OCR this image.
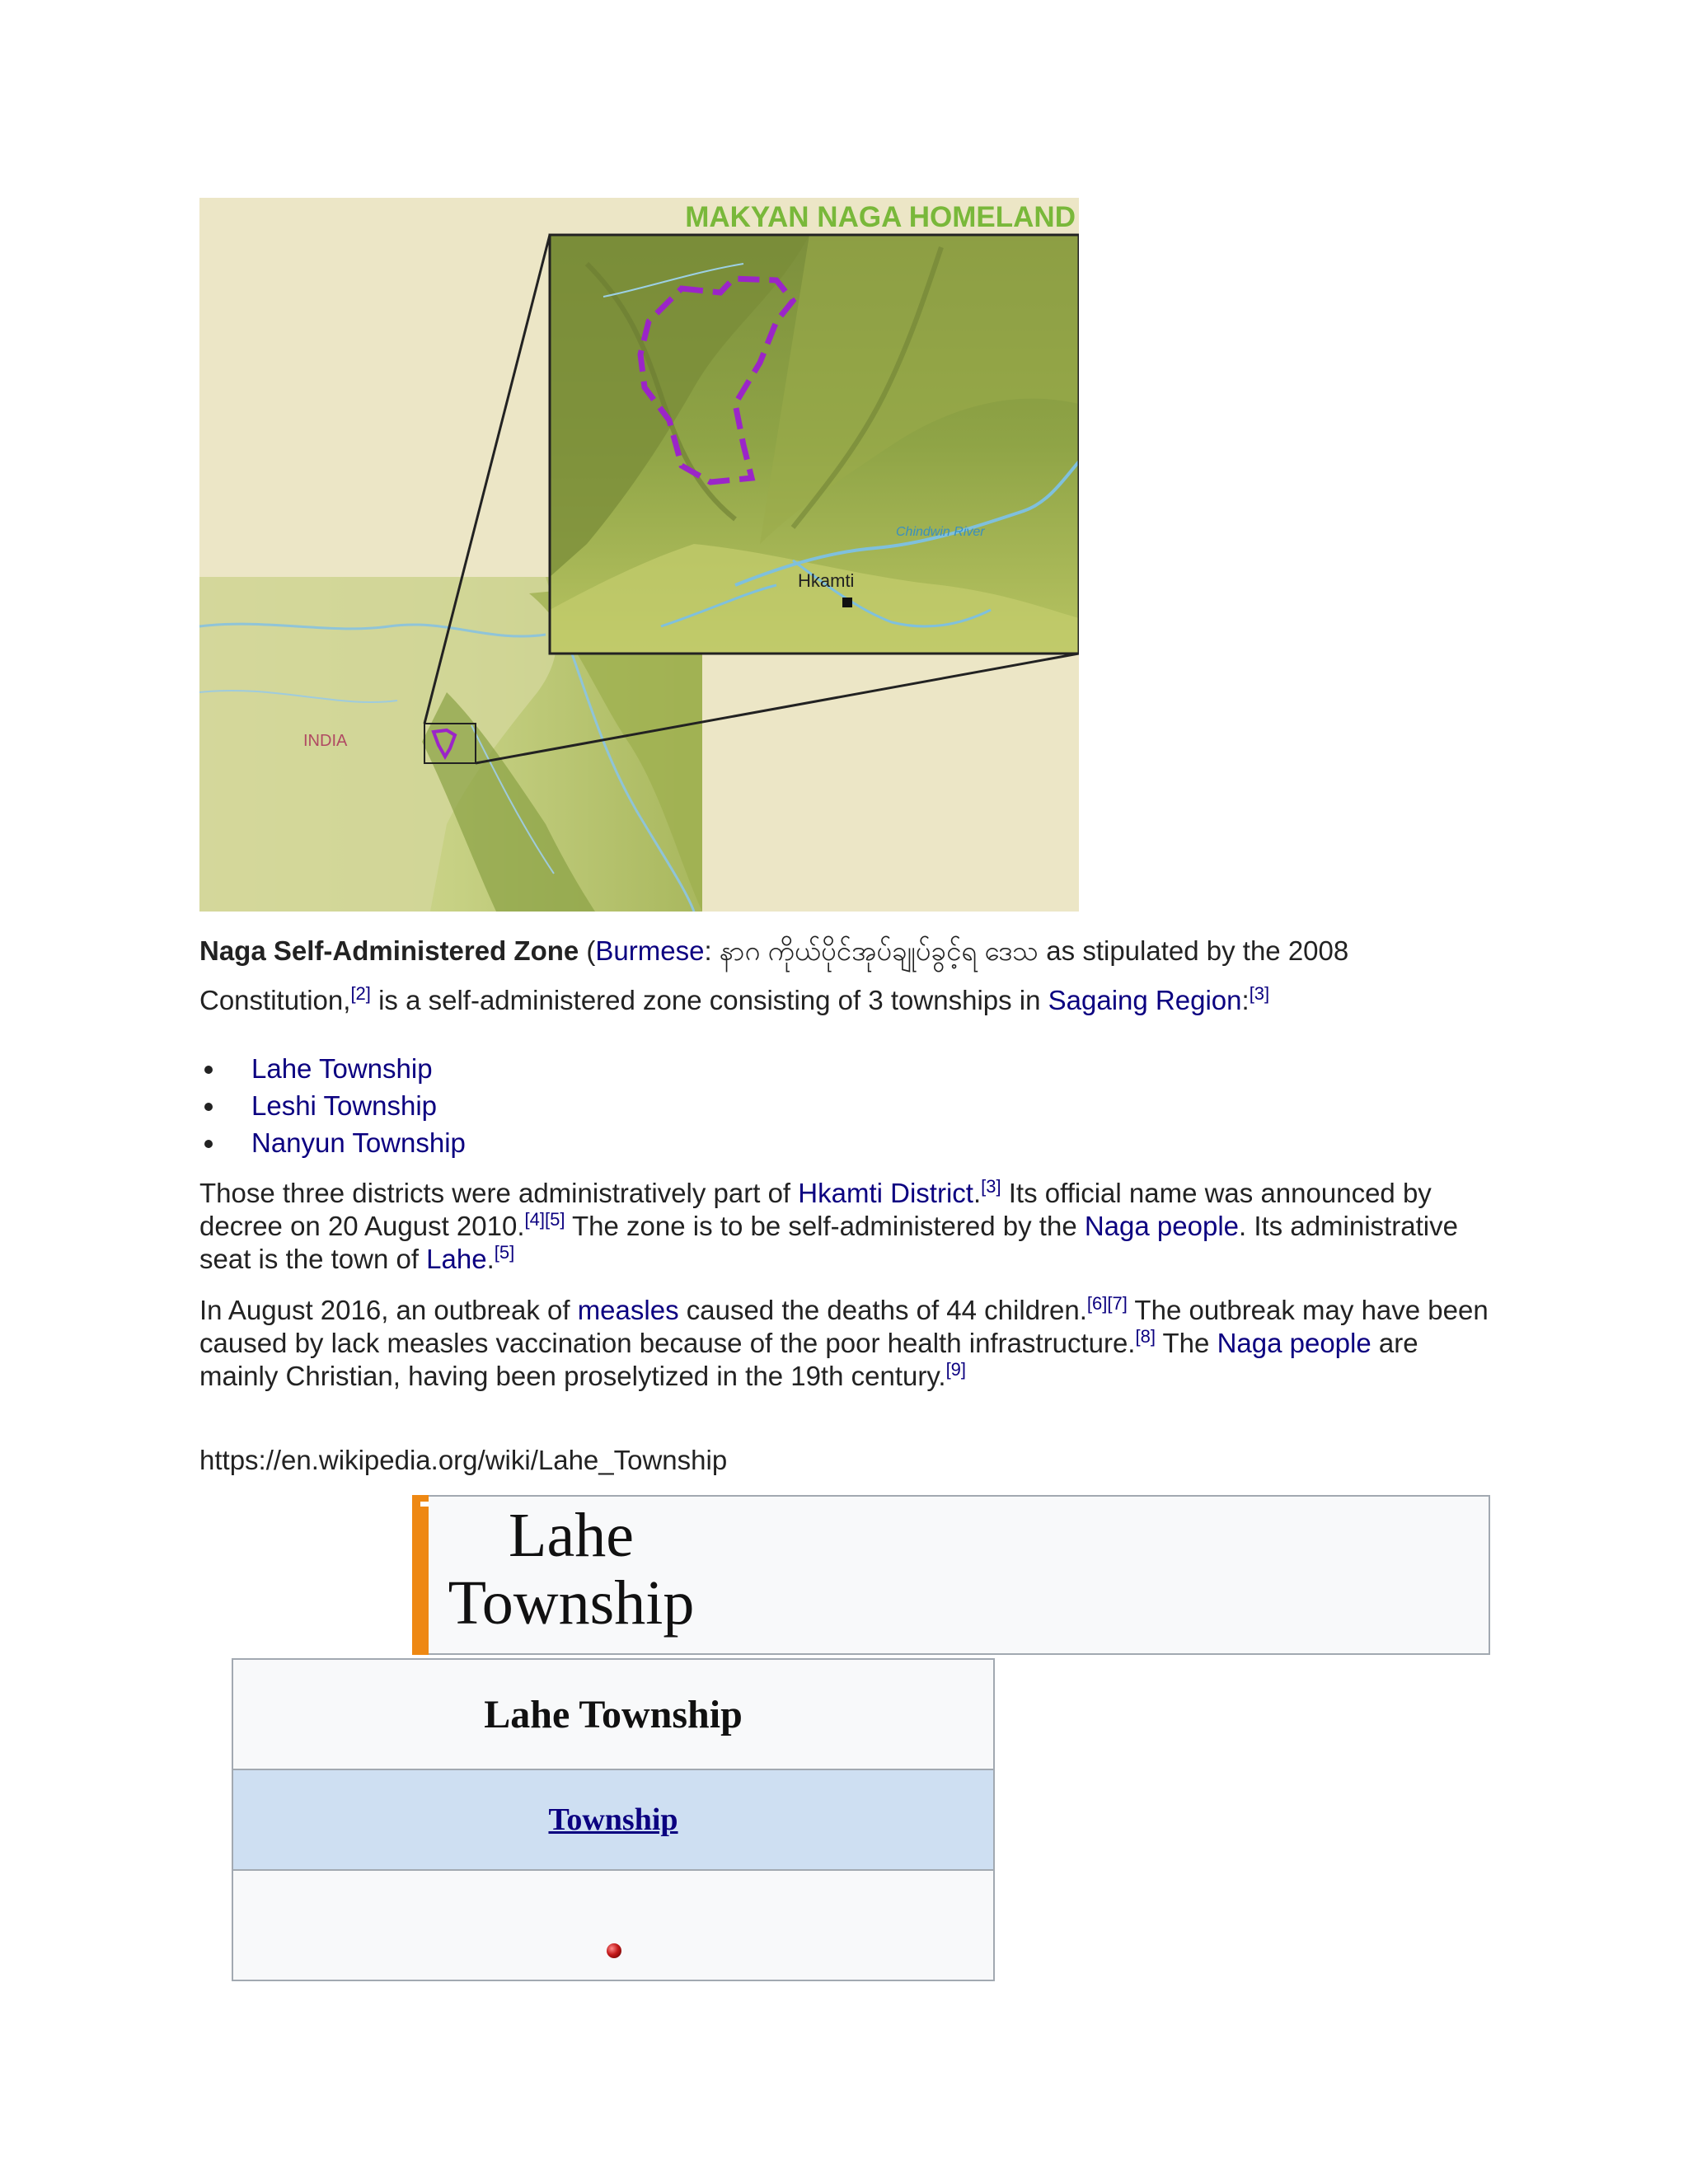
Hkamti
Chindwin River
INDIA
MAKYAN NAGA HOMELAND
Naga Self-Administered Zone (Burmese: နာဂ ကိုယ်ပိုင်အုပ်ချုပ်ခွင့်ရ ဒေသ as stipulated by the 2008 Constitution,[2] is a self-administered zone consisting of 3 townships in Sagaing Region:[3]
Lahe Township
Leshi Township
Nanyun Township
Those three districts were administratively part of Hkamti District.[3] Its official name was announced by decree on 20 August 2010.[4][5] The zone is to be self-administered by the Naga people. Its administrative seat is the town of Lahe.[5]
In August 2016, an outbreak of measles caused the deaths of 44 children.[6][7] The outbreak may have been caused by lack measles vaccination because of the poor health infrastructure.[8] The Naga people are mainly Christian, having been proselytized in the 19th century.[9]
https://en.wikipedia.org/wiki/Lahe_Township
Lahe
Township
Lahe Township
Township
